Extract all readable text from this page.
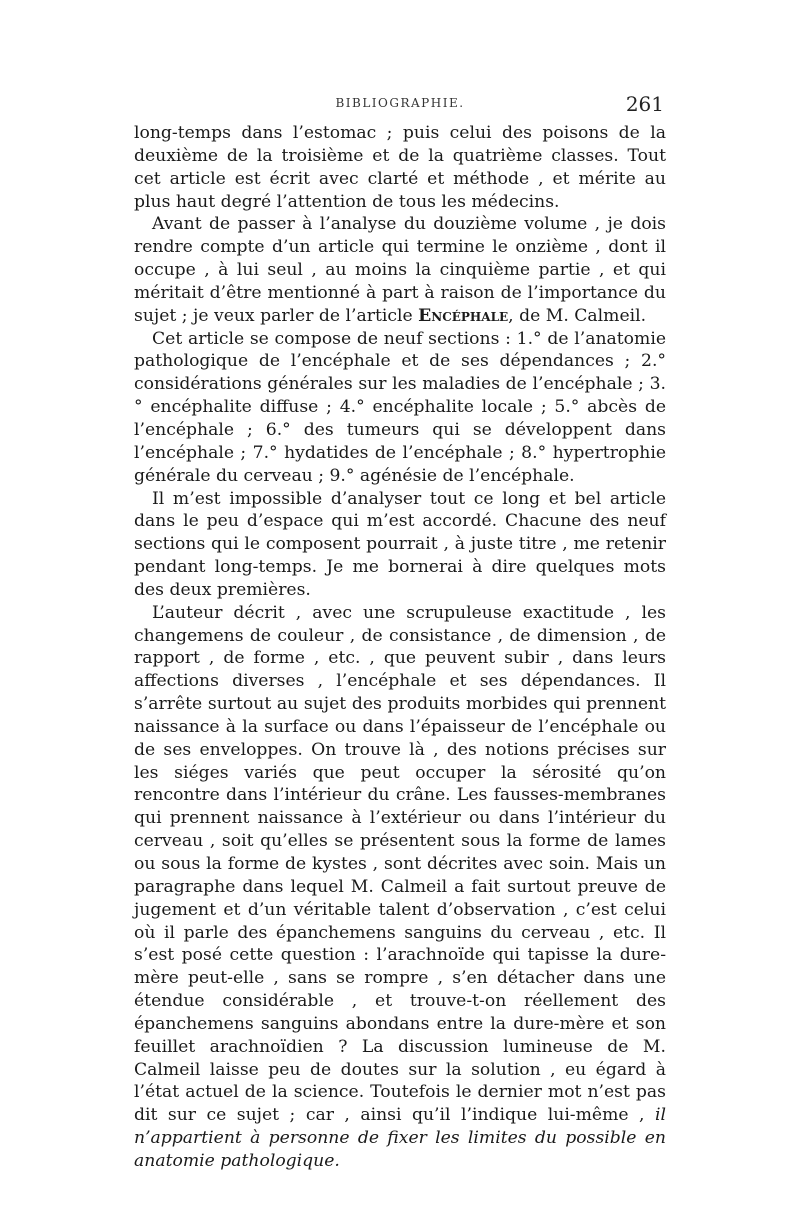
BIBLIOGRAPHIE.	261

long-temps dans l’estomac ; puis celui des poisons de la deuxième de la troisième et de la quatrième classes. Tout cet article est écrit avec clarté et méthode , et mérite au plus haut degré l’attention de tous les médecins.

Avant de passer à l’analyse du douzième volume , je dois rendre compte d’un article qui termine le onzième , dont il occupe , à lui seul , au moins la cinquième partie , et qui méritait d’être mentionné à part à raison de l’importance du sujet ; je veux parler de l’article Encéphale, de M. Calmeil.

Cet article se compose de neuf sections : 1.° de l’anatomie pathologique de l’encéphale et de ses dépendances ; 2.° considérations générales sur les maladies de l’encéphale ; 3.° encéphalite diffuse ; 4.° encéphalite locale ; 5.° abcès de l’encéphale ; 6.° des tumeurs qui se développent dans l’encéphale ; 7.° hydatides de l’encéphale ; 8.° hypertrophie générale du cerveau ; 9.° agénésie de l’encéphale.

Il m’est impossible d’analyser tout ce long et bel article dans le peu d’espace qui m’est accordé. Chacune des neuf sections qui le composent pourrait , à juste titre , me retenir pendant long-temps. Je me bornerai à dire quelques mots des deux premières.

L’auteur décrit , avec une scrupuleuse exactitude , les changemens de couleur , de consistance , de dimension , de rapport , de forme , etc. , que peuvent subir , dans leurs affections diverses , l’encéphale et ses dépendances. Il s’arrête surtout au sujet des produits morbides qui prennent naissance à la surface ou dans l’épaisseur de l’encéphale ou de ses enveloppes. On trouve là , des notions précises sur les siéges variés que peut occuper la sérosité qu’on rencontre dans l’intérieur du crâne. Les fausses-membranes qui prennent naissance à l’extérieur ou dans l’intérieur du cerveau , soit qu’elles se présentent sous la forme de lames ou sous la forme de kystes , sont décrites avec soin. Mais un paragraphe dans lequel M. Calmeil a fait surtout preuve de jugement et d’un véritable talent d’observation , c’est celui où il parle des épanchemens sanguins du cerveau , etc. Il s’est posé cette question : l’arachnoïde qui tapisse la dure-mère peut-elle , sans se rompre , s’en détacher dans une étendue considérable , et trouve-t-on réellement des épanchemens sanguins abondans entre la dure-mère et son feuillet arachnoïdien ? La discussion lumineuse de M. Calmeil laisse peu de doutes sur la solution , eu égard à l’état actuel de la science. Toutefois le dernier mot n’est pas dit sur ce sujet ; car , ainsi qu’il l’indique lui-même , il n’appartient à personne de fixer les limites du possible en anatomie pathologique.
